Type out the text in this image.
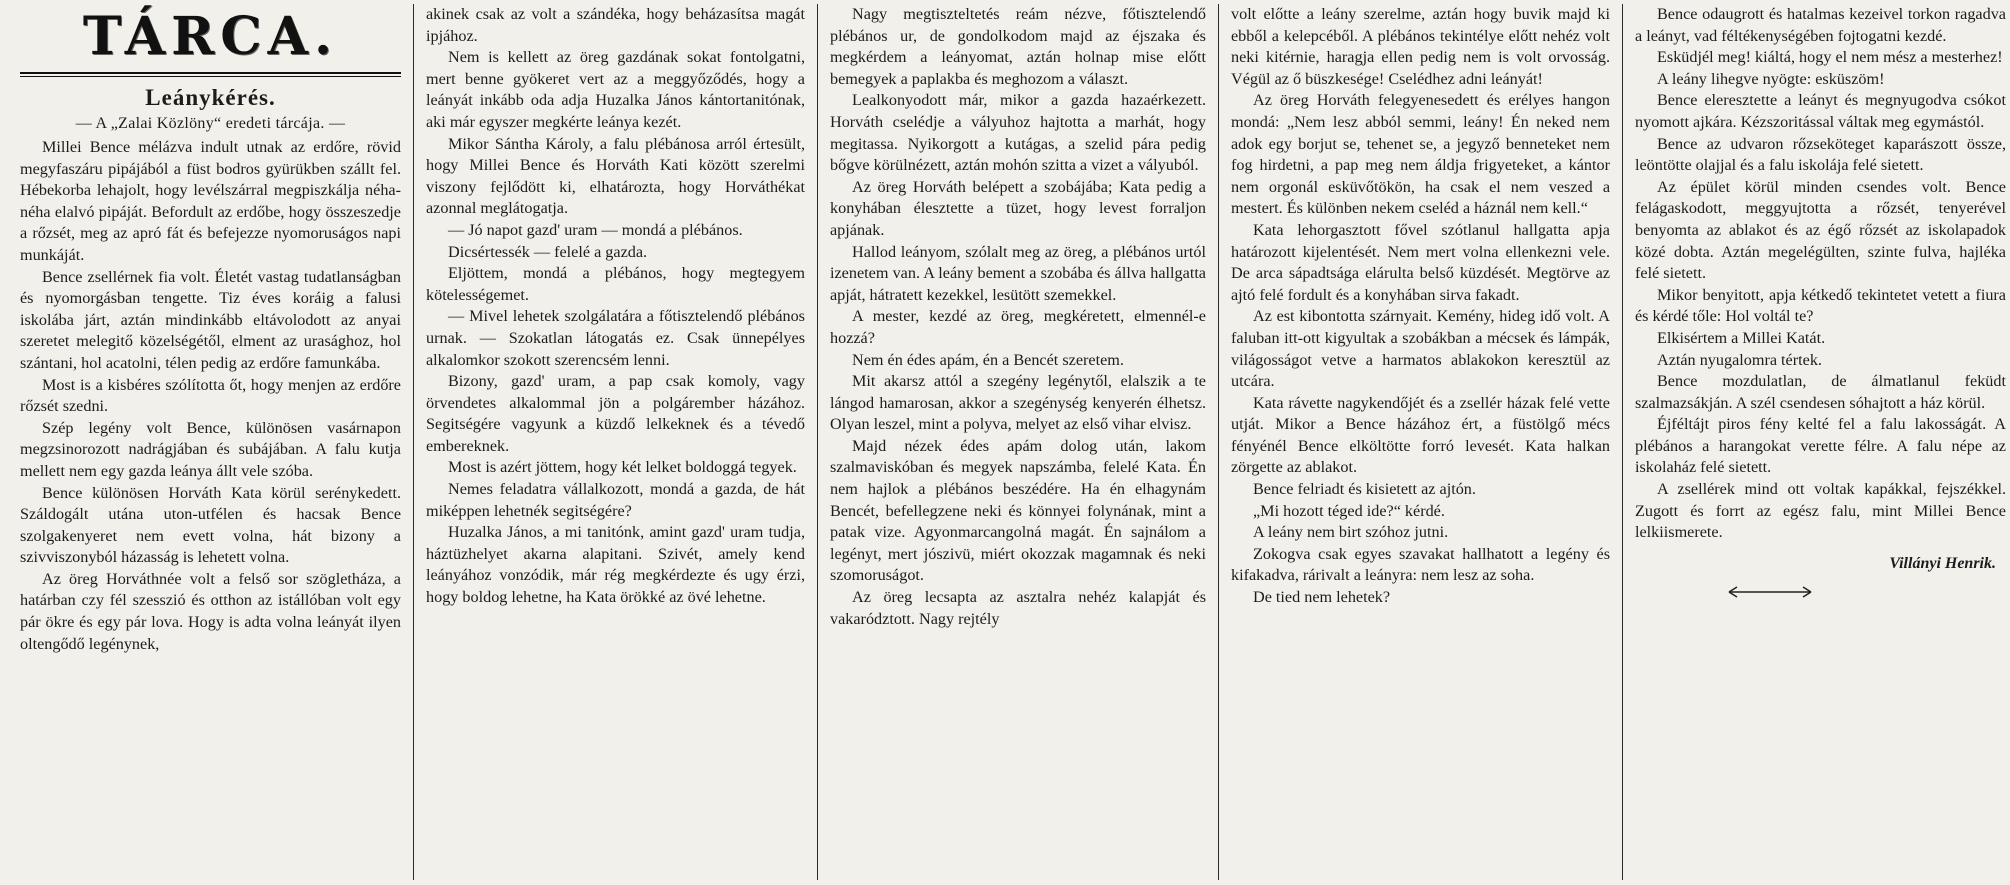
TÁRCA.
Leánykérés.
— A „Zalai Közlöny“ eredeti tárcája. —

Millei Bence mélázva indult utnak az erdőre, rövid megyfaszáru pipájából a füst bodros gyürükben szállt fel. Hébekorba lehajolt, hogy levélszárral megpiszkálja néha-néha elalvó pipáját. Befordult az erdőbe, hogy összeszedje a rőzsét, meg az apró fát és befejezze nyomoruságos napi munkáját.

Bence zsellérnek fia volt. Életét vastag tudatlanságban és nyomorgásban tengette. Tiz éves koráig a falusi iskolába járt, aztán mindinkább eltávolodott az anyai szeretet melegitő közelségétől, elment az urasághoz, hol szántani, hol acatolni, télen pedig az erdőre famunkába.

Most is a kisbéres szólította őt, hogy menjen az erdőre rőzsét szedni.

Szép legény volt Bence, különösen vasárnapon megzsinorozott nadrágjában és subájában. A falu kutja mellett nem egy gazda leánya állt vele szóba.

Bence különösen Horváth Kata körül serénykedett. Száldogált utána uton-utfélen és hacsak Bence szolgakenyeret nem evett volna, hát bizony a szivviszonyból házasság is lehetett volna.

Az öreg Horváthnée volt a felső sor szögletháza, a határban czy fél szesszió és otthon az istállóban volt egy pár ökre és egy pár lova. Hogy is adta volna leányát ilyen oltengődő legénynek,

akinek csak az volt a szándéka, hogy beházasítsa magát ipjához.

Nem is kellett az öreg gazdának sokat fontolgatni, mert benne gyökeret vert az a meggyőződés, hogy a leányát inkább oda adja Huzalka János kántortanitónak, aki már egyszer megkérte leánya kezét.

Mikor Sántha Károly, a falu plébánosa arról értesült, hogy Millei Bence és Horváth Kati között szerelmi viszony fejlődött ki, elhatározta, hogy Horváthékat azonnal meglátogatja.

— Jó napot gazd' uram — mondá a plébános.

Dicsértessék — felelé a gazda.

Eljöttem, mondá a plébános, hogy megtegyem kötelességemet.

— Mivel lehetek szolgálatára a főtisztelendő plébános urnak. — Szokatlan látogatás ez. Csak ünnepélyes alkalomkor szokott szerencsém lenni.

Bizony, gazd' uram, a pap csak komoly, vagy örvendetes alkalommal jön a polgárember házához. Segitségére vagyunk a küzdő lelkeknek és a tévedő embereknek.

Most is azért jöttem, hogy két lelket boldoggá tegyek.

Nemes feladatra vállalkozott, mondá a gazda, de hát miképpen lehetnék segitségére?

Huzalka János, a mi tanitónk, amint gazd' uram tudja, háztüzhelyet akarna alapitani. Szivét, amely kend leányához vonzódik, már rég megkérdezte és ugy érzi, hogy boldog lehetne, ha Kata örökké az övé lehetne.

Nagy megtiszteltetés reám nézve, főtisztelendő plébános ur, de gondolkodom majd az éjszaka és megkérdem a leányomat, aztán holnap mise előtt bemegyek a paplakba és meghozom a választ.

Lealkonyodott már, mikor a gazda hazaérkezett. Horváth cselédje a vályuhoz hajtotta a marhát, hogy megitassa. Nyikorgott a kutágas, a szelid pára pedig bőgve körülnézett, aztán mohón szitta a vizet a vályuból.

Az öreg Horváth belépett a szobájába; Kata pedig a konyhában élesztette a tüzet, hogy levest forraljon apjának.

Hallod leányom, szólalt meg az öreg, a plébános urtól izenetem van. A leány bement a szobába és állva hallgatta apját, hátratett kezekkel, lesütött szemekkel.

A mester, kezdé az öreg, megkéretett, elmennél-e hozzá?

Nem én édes apám, én a Bencét szeretem.

Mit akarsz attól a szegény legénytől, elalszik a te lángod hamarosan, akkor a szegénység kenyerén élhetsz. Olyan leszel, mint a polyva, melyet az első vihar elvisz.

Majd nézek édes apám dolog után, lakom szalmaviskóban és megyek napszámba, felelé Kata. Én nem hajlok a plébános beszédére. Ha én elhagynám Bencét, befellegzene neki és könnyei folynának, mint a patak vize. Agyonmarcangolná magát. Én sajnálom a legényt, mert jószivü, miért okozzak magamnak és neki szomoruságot.

Az öreg lecsapta az asztalra nehéz kalapját és vakarództott. Nagy rejtély

volt előtte a leány szerelme, aztán hogy buvik majd ki ebből a kelepcéből. A plébános tekintélye előtt nehéz volt neki kitérnie, haragja ellen pedig nem is volt orvosság. Végül az ő büszkesége! Cselédhez adni leányát!

Az öreg Horváth felegyenesedett és erélyes hangon mondá: „Nem lesz abból semmi, leány! Én neked nem adok egy borjut se, tehenet se, a jegyző benneteket nem fog hirdetni, a pap meg nem áldja frigyeteket, a kántor nem orgonál esküvőtökön, ha csak el nem veszed a mestert. És különben nekem cseléd a háznál nem kell.“

Kata lehorgasztott fővel szótlanul hallgatta apja határozott kijelentését. Nem mert volna ellenkezni vele. De arca sápadtsága elárulta belső küzdését. Megtörve az ajtó felé fordult és a konyhában sirva fakadt.

Az est kibontotta szárnyait. Kemény, hideg idő volt. A faluban itt-ott kigyultak a szobákban a mécsek és lámpák, világosságot vetve a harmatos ablakokon keresztül az utcára.

Kata rávette nagykendőjét és a zsellér házak felé vette utját. Mikor a Bence házához ért, a füstölgő mécs fényénél Bence elköltötte forró levesét. Kata halkan zörgette az ablakot.

Bence felriadt és kisietett az ajtón.

„Mi hozott téged ide?“ kérdé.

A leány nem birt szóhoz jutni.

Zokogva csak egyes szavakat hallhatott a legény és kifakadva, rárivalt a leányra: nem lesz az soha.

De tied nem lehetek?

Bence odaugrott és hatalmas kezeivel torkon ragadva a leányt, vad féltékenységében fojtogatni kezdé.

Esküdjél meg! kiáltá, hogy el nem mész a mesterhez!

A leány lihegve nyögte: esküszöm!

Bence eleresztette a leányt és megnyugodva csókot nyomott ajkára. Kézszoritással váltak meg egymástól.

Bence az udvaron rőzseköteget kaparászott össze, leöntötte olajjal és a falu iskolája felé sietett.

Az épület körül minden csendes volt. Bence felágaskodott, meggyujtotta a rőzsét, tenyerével benyomta az ablakot és az égő rőzsét az iskolapadok közé dobta. Aztán megelégülten, szinte fulva, hajléka felé sietett.

Mikor benyitott, apja kétkedő tekintetet vetett a fiura és kérdé tőle: Hol voltál te?

Elkisértem a Millei Katát.

Aztán nyugalomra tértek.

Bence mozdulatlan, de álmatlanul feküdt szalmazsákján. A szél csendesen sóhajtott a ház körül.

Éjféltájt piros fény kelté fel a falu lakosságát. A plébános a harangokat verette félre. A falu népe az iskolaház felé sietett.

A zsellérek mind ott voltak kapákkal, fejszékkel. Zugott és forrt az egész falu, mint Millei Bence lelkiismerete.

Villányi Henrik.
